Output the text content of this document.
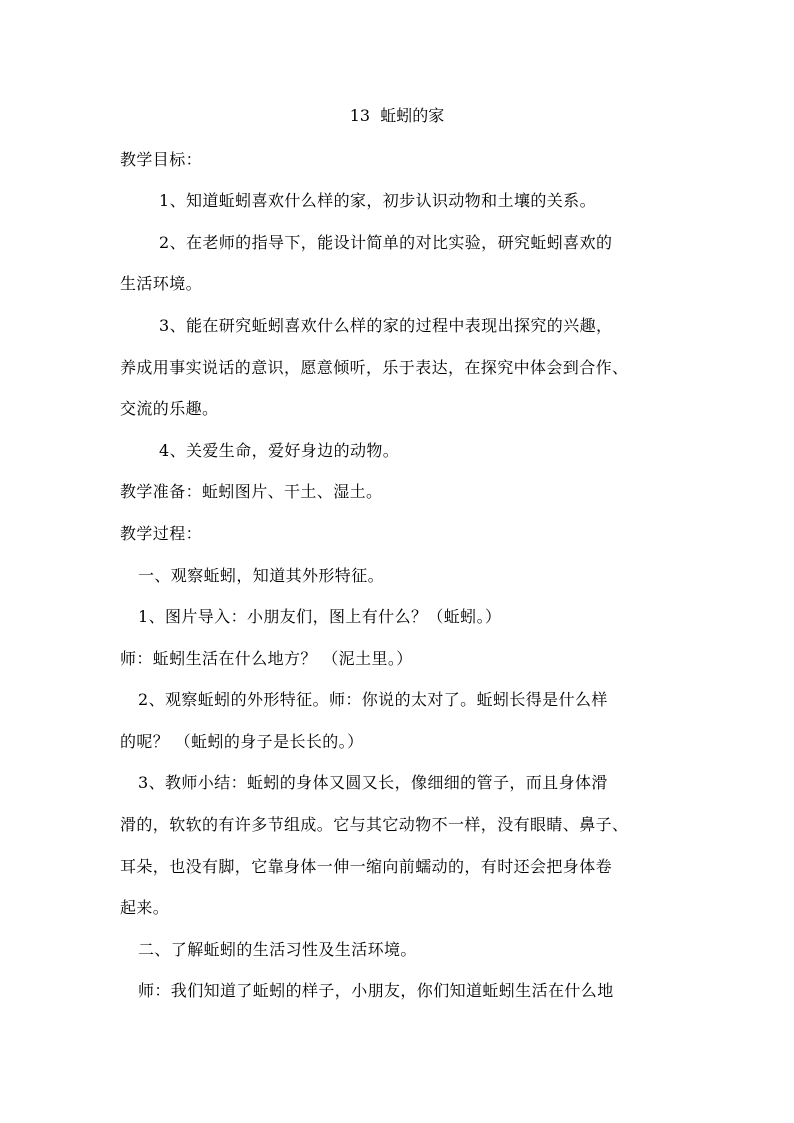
13  蚯蚓的家
教学目标：
1、知道蚯蚓喜欢什么样的家，初步认识动物和土壤的关系。
2、在老师的指导下，能设计简单的对比实验，研究蚯蚓喜欢的
生活环境。
3、能在研究蚯蚓喜欢什么样的家的过程中表现出探究的兴趣，
养成用事实说话的意识，愿意倾听，乐于表达，在探究中体会到合作、
交流的乐趣。
4、关爱生命，爱好身边的动物。
教学准备：蚯蚓图片、干土、湿土。
教学过程：
一、观察蚯蚓，知道其外形特征。
1、图片导入：小朋友们，图上有什么？（蚯蚓。）
师：蚯蚓生活在什么地方？ （泥土里。）
2、观察蚯蚓的外形特征。师：你说的太对了。蚯蚓长得是什么样
的呢？ （蚯蚓的身子是长长的。）
3、教师小结：蚯蚓的身体又圆又长，像细细的管子，而且身体滑
滑的，软软的有许多节组成。它与其它动物不一样，没有眼睛、鼻子、
耳朵，也没有脚，它靠身体一伸一缩向前蠕动的，有时还会把身体卷
起来。
二、了解蚯蚓的生活习性及生活环境。
师：我们知道了蚯蚓的样子，小朋友，你们知道蚯蚓生活在什么地
